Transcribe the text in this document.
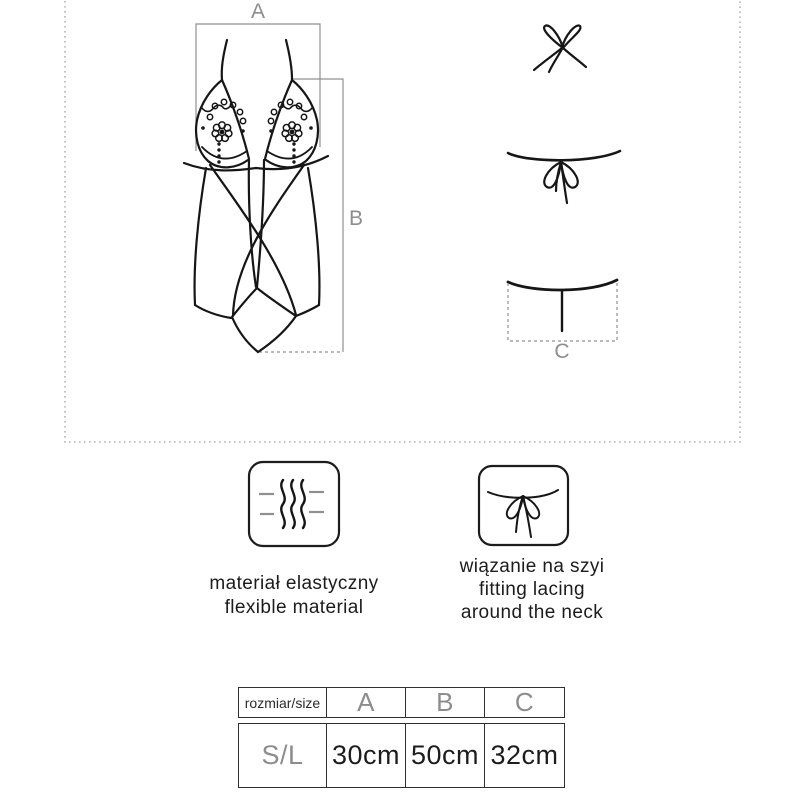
A
B
C
materiał elastyczny
flexible material
wiązanie na szyi
fitting lacing
around the neck
rozmiar/size	A	B	C
S/L	30cm 50cm 32cm
